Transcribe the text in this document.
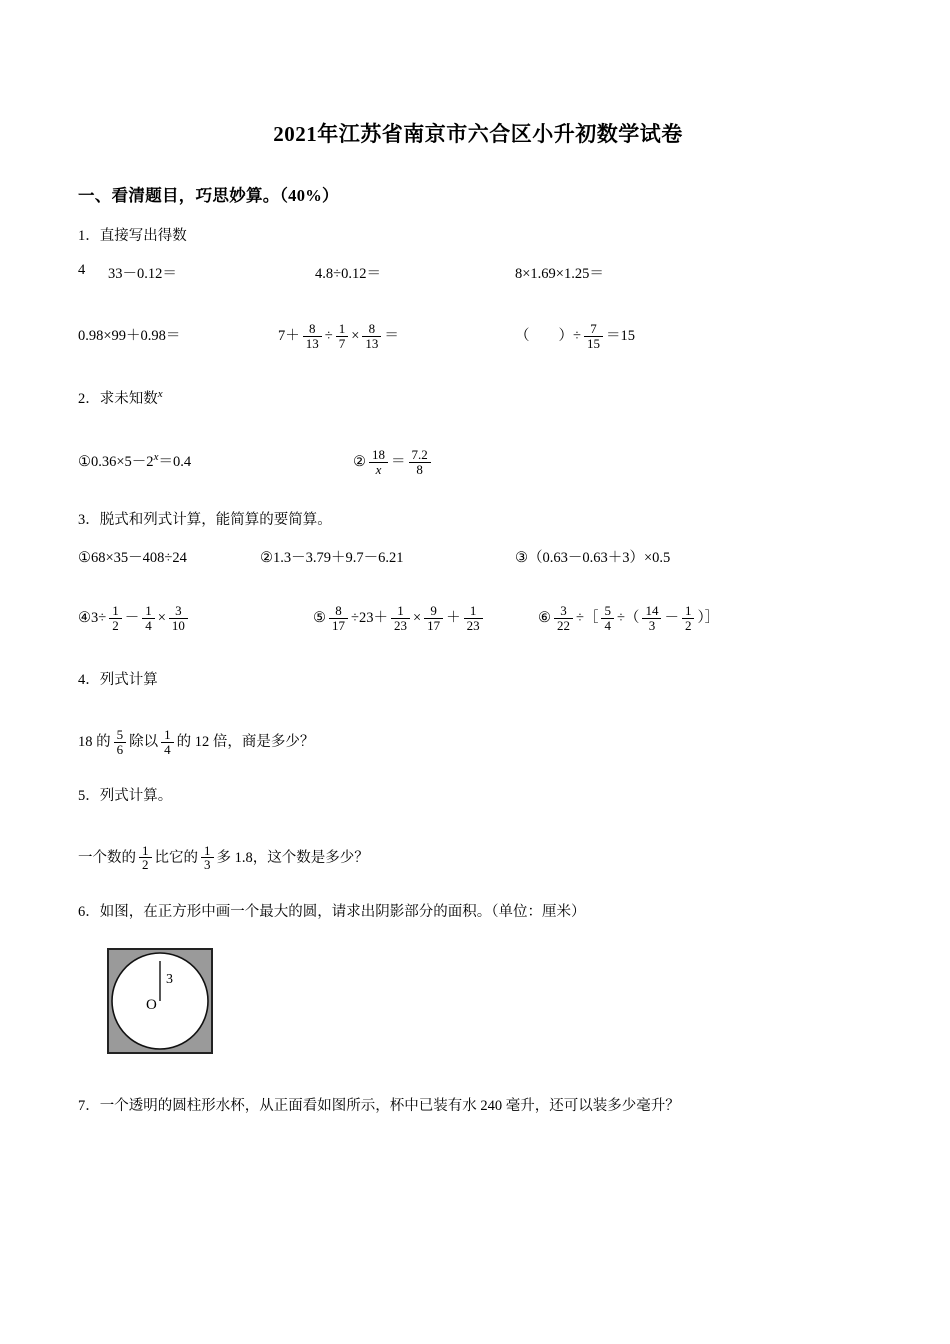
2021年江苏省南京市六合区小升初数学试卷
一、看清题目，巧思妙算。（40%）
1．直接写出得数
4 33－0.12＝	4.8÷0.12＝	8×1.69×1.25＝
0.98×99＋0.98＝	$7+ \frac{8}{13} \div \frac{1}{7} \times \frac{8}{13}$ ＝	（　　）÷ $\frac{7}{15} =15$
2．求未知数$^x$
$①0.36\times 5-2^x=0.4$	② $\frac{18}{x} = \frac{7.2}{8}$
3．脱式和列式计算，能简算的要简算。
①68×35－408÷24	②1.3－3.79＋9.7－6.21	③（0.63－0.63＋3）×0.5
④3÷ $\frac{1}{2} - \frac{1}{4} \times \frac{3}{10}$	⑤ $\frac{8}{17} \div 23+ \frac{1}{23} \times \frac{9}{17} + \frac{1}{23}$	⑥ $\frac{3}{22}$ ÷［ $\frac{5}{4}$ ÷（ $\frac{14}{3} - \frac{1}{2}$ ）］
4．列式计算
18 的 $\frac{5}{6}$ 除以 $\frac{1}{4}$ 的 12 倍，商是多少？
5．列式计算。
一个数的 $\frac{1}{2}$ 比它的 $\frac{1}{3}$ 多 1.8，这个数是多少？
6．如图，在正方形中画一个最大的圆，请求出阴影部分的面积。（单位：厘米）
3
O
7．一个透明的圆柱形水杯，从正面看如图所示，杯中已装有水 240 毫升，还可以装多少毫升？
